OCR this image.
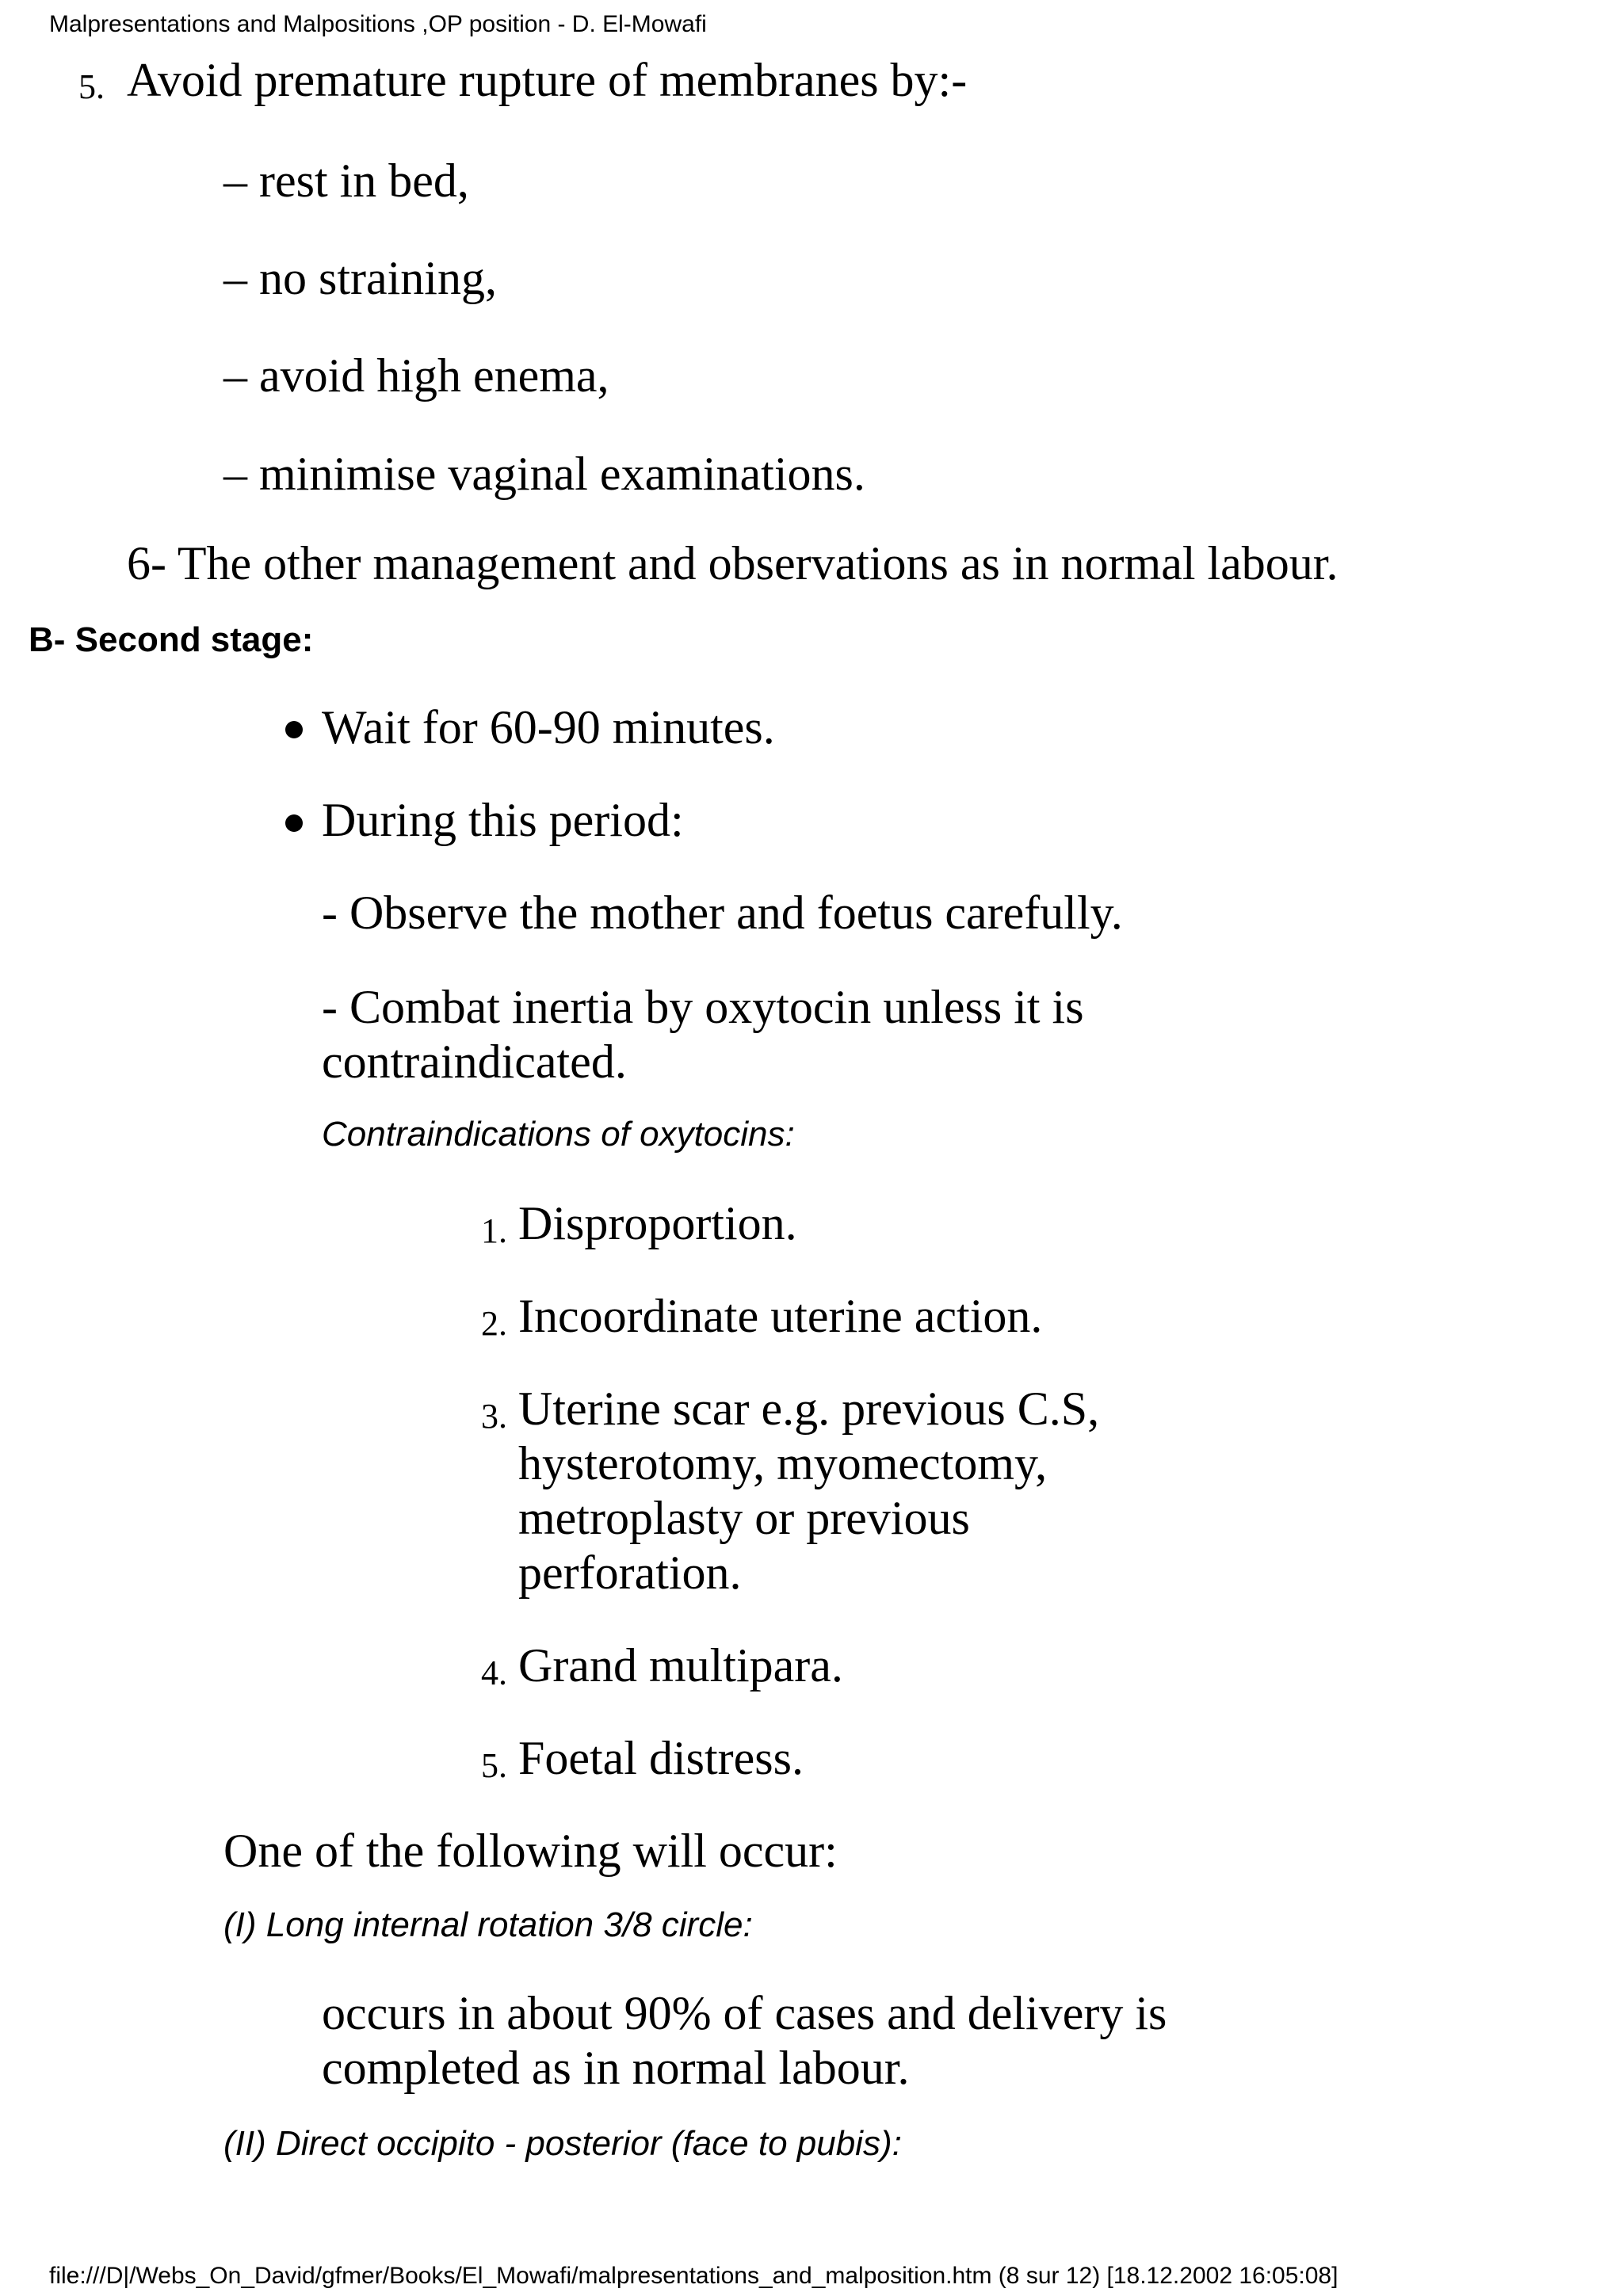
Malpresentations and Malpositions ,OP position - D. El-Mowafi
5. Avoid premature rupture of membranes by:-
– rest in bed,
– no straining,
– avoid high enema,
– minimise vaginal examinations.
6- The other management and observations as in normal labour.
B- Second stage:
Wait for 60-90 minutes.
During this period:
- Observe the mother and foetus carefully.
- Combat inertia by oxytocin unless it is
contraindicated.
Contraindications of oxytocins:
1. Disproportion.
2. Incoordinate uterine action.
3. Uterine scar e.g. previous C.S,
hysterotomy, myomectomy,
metroplasty or previous
perforation.
4. Grand multipara.
5. Foetal distress.
One of the following will occur:
(I) Long internal rotation 3/8 circle:
occurs in about 90% of cases and delivery is
completed as in normal labour.
(II) Direct occipito - posterior (face to pubis):
file:///D|/Webs_On_David/gfmer/Books/El_Mowafi/malpresentations_and_malposition.htm (8 sur 12) [18.12.2002 16:05:08]
